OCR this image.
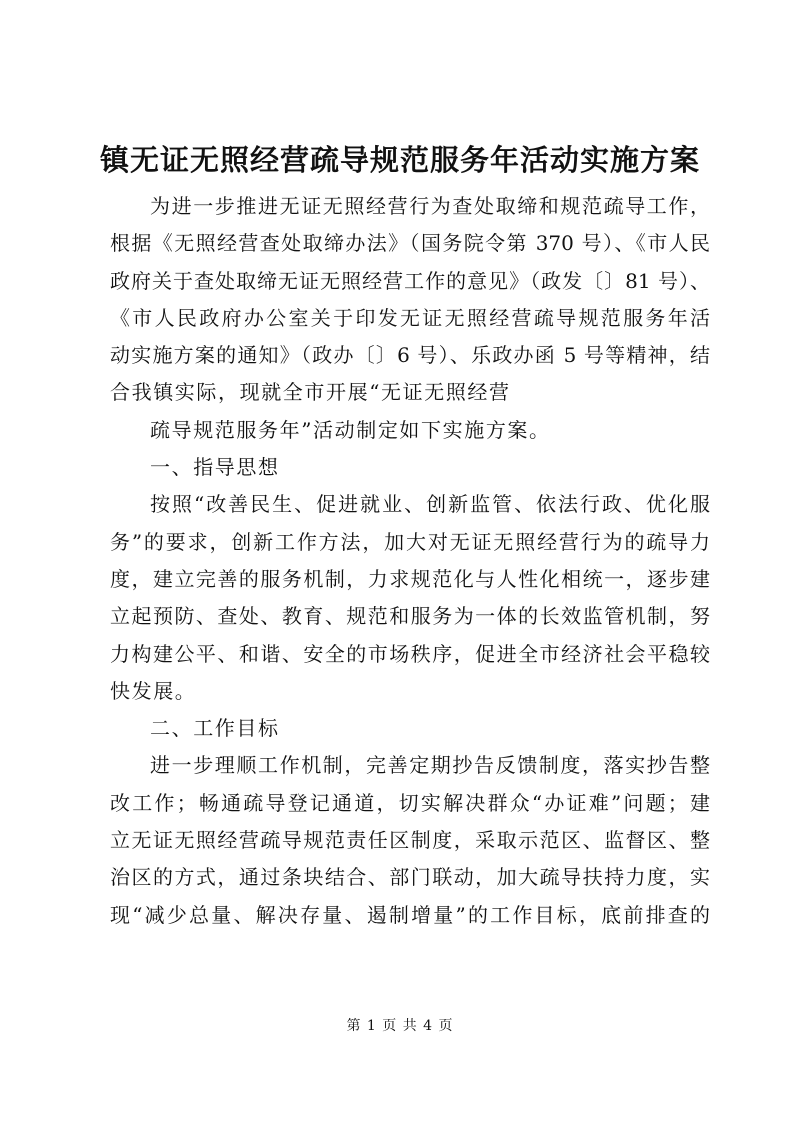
镇无证无照经营疏导规范服务年活动实施方案
为进一步推进无证无照经营行为查处取缔和规范疏导工作，
根据《无照经营查处取缔办法》（国务院令第 370 号）、《市人民
政府关于查处取缔无证无照经营工作的意见》（政发〔〕81 号）、
《市人民政府办公室关于印发无证无照经营疏导规范服务年活
动实施方案的通知》（政办〔〕6 号）、乐政办函 5 号等精神，结
合我镇实际，现就全市开展“无证无照经营
疏导规范服务年”活动制定如下实施方案。
一、指导思想
按照“改善民生、促进就业、创新监管、依法行政、优化服
务”的要求，创新工作方法，加大对无证无照经营行为的疏导力
度，建立完善的服务机制，力求规范化与人性化相统一，逐步建
立起预防、查处、教育、规范和服务为一体的长效监管机制，努
力构建公平、和谐、安全的市场秩序，促进全市经济社会平稳较
快发展。
二、工作目标
进一步理顺工作机制，完善定期抄告反馈制度，落实抄告整
改工作；畅通疏导登记通道，切实解决群众“办证难”问题；建
立无证无照经营疏导规范责任区制度，采取示范区、监督区、整
治区的方式，通过条块结合、部门联动，加大疏导扶持力度，实
现“减少总量、解决存量、遏制增量”的工作目标，底前排查的
第 1 页 共 4 页
